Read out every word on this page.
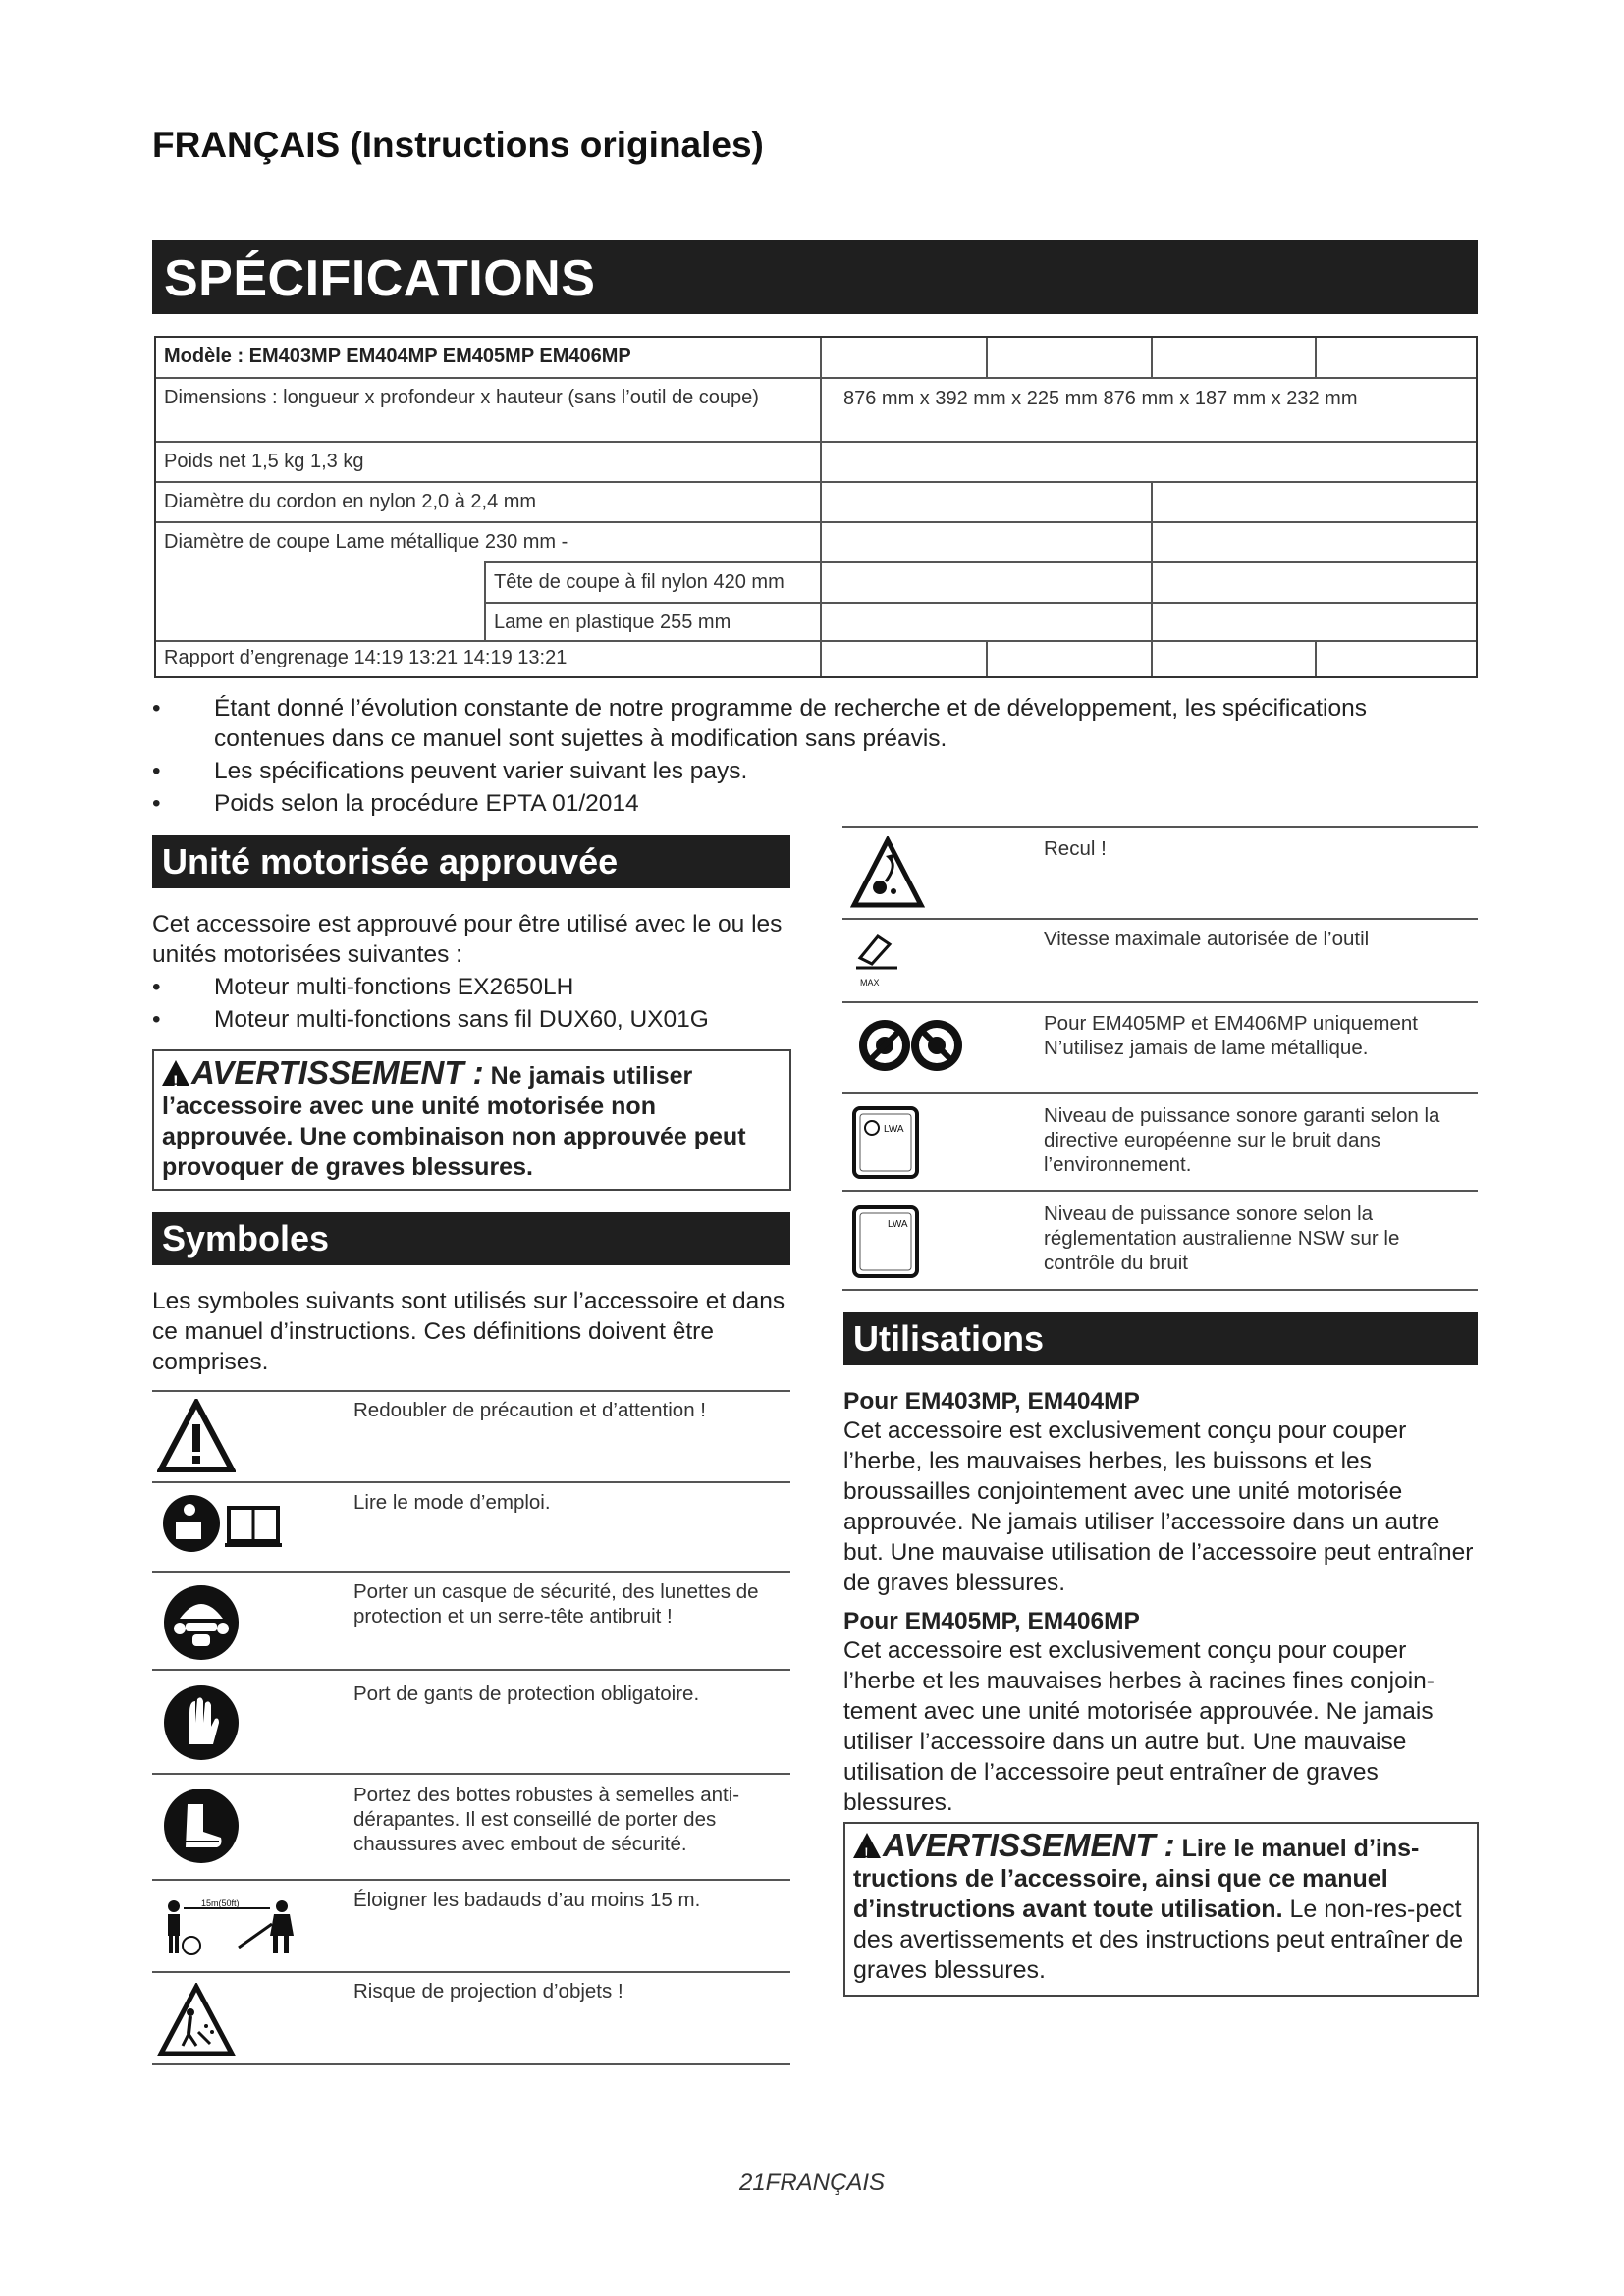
FRANÇAIS (Instructions originales)
SPÉCIFICATIONS
Modèle : EM403MP EM404MP EM405MP EM406MP
Dimensions : longueur x profondeur x hauteur (sans l’outil de coupe)	876 mm x 392 mm x 225 mm 876 mm x 187 mm x 232 mm
Poids net 1,5 kg 1,3 kg
Diamètre du cordon en nylon 2,0 à 2,4 mm
Diamètre de coupe Lame métallique 230 mm -
Tête de coupe à fil nylon 420 mm
Lame en plastique 255 mm
Rapport d’engrenage 14:19 13:21 14:19 13:21
• Étant donné l’évolution constante de notre programme de recherche et de développement, les spécifications contenues dans ce manuel sont sujettes à modification sans préavis.
• Les spécifications peuvent varier suivant les pays.
• Poids selon la procédure EPTA 01/2014
Unité motorisée approuvée
Cet accessoire est approuvé pour être utilisé avec le ou les unités motorisées suivantes :
• Moteur multi-fonctions EX2650LH
• Moteur multi-fonctions sans fil DUX60, UX01G
!AVERTISSEMENT : Ne jamais utiliser l’accessoire avec une unité motorisée non approuvée. Une combinaison non approuvée peut provoquer de graves blessures.
Symboles
Les symboles suivants sont utilisés sur l’accessoire et dans ce manuel d’instructions. Ces définitions doivent être comprises.
Redoubler de précaution et d’attention !
Lire le mode d’emploi.
Porter un casque de sécurité, des lunettes de protection et un serre-tête antibruit !
Port de gants de protection obligatoire.
Portez des bottes robustes à semelles anti-dérapantes. Il est conseillé de porter des chaussures avec embout de sécurité.
15m(50ft)	Éloigner les badauds d’au moins 15 m.
Risque de projection d’objets !
Recul !
MAX
Vitesse maximale autorisée de l’outil
Pour EM405MP et EM406MP uniquement N’utilisez jamais de lame métallique.
LWA
Niveau de puissance sonore garanti selon la directive européenne sur le bruit dans l’environnement.
LWA	Niveau de puissance sonore selon la réglementation australienne NSW sur le contrôle du bruit
Utilisations
Pour EM403MP, EM404MP
Cet accessoire est exclusivement conçu pour couper l’herbe, les mauvaises herbes, les buissons et les broussailles conjointement avec une unité motorisée approuvée. Ne jamais utiliser l’accessoire dans un autre but. Une mauvaise utilisation de l’accessoire peut entraîner de graves blessures.
Pour EM405MP, EM406MP
Cet accessoire est exclusivement conçu pour couper l’herbe et les mauvaises herbes à racines fines conjoin-tement avec une unité motorisée approuvée. Ne jamais utiliser l’accessoire dans un autre but. Une mauvaise utilisation de l’accessoire peut entraîner de graves blessures.
!AVERTISSEMENT : Lire le manuel d’ins-tructions de l’accessoire, ainsi que ce manuel d’instructions avant toute utilisation. Le non-res-pect des avertissements et des instructions peut entraîner de graves blessures.
21FRANÇAIS
